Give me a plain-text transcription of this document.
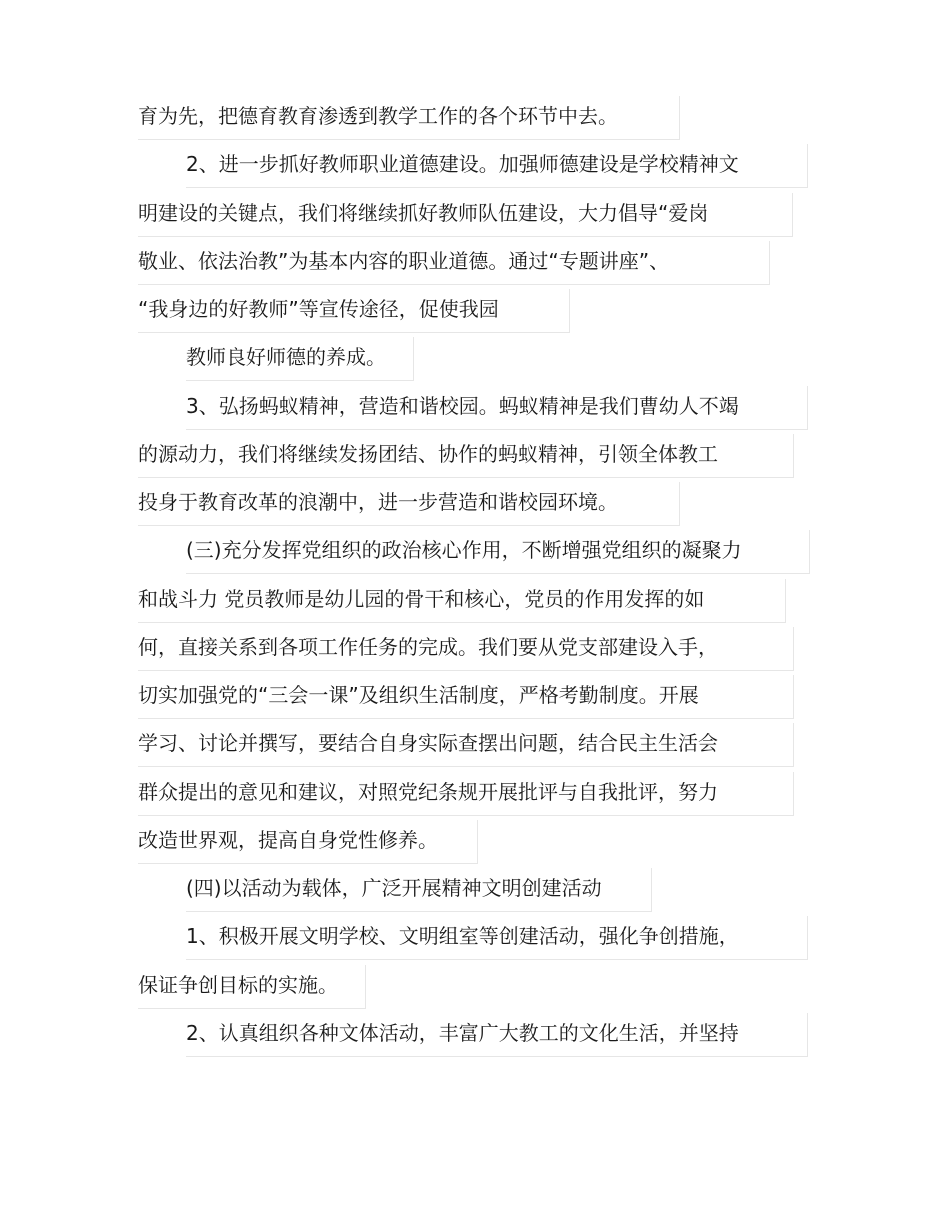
育为先，把德育教育渗透到教学工作的各个环节中去。
2、进一步抓好教师职业道德建设。加强师德建设是学校精神文
明建设的关键点，我们将继续抓好教师队伍建设，大力倡导“爱岗
敬业、依法治教”为基本内容的职业道德。通过“专题讲座”、
“我身边的好教师”等宣传途径，促使我园
教师良好师德的养成。
3、弘扬蚂蚁精神，营造和谐校园。蚂蚁精神是我们曹幼人不竭
的源动力，我们将继续发扬团结、协作的蚂蚁精神，引领全体教工
投身于教育改革的浪潮中，进一步营造和谐校园环境。
(三)充分发挥党组织的政治核心作用，不断增强党组织的凝聚力
和战斗力 党员教师是幼儿园的骨干和核心，党员的作用发挥的如
何，直接关系到各项工作任务的完成。我们要从党支部建设入手，
切实加强党的“三会一课”及组织生活制度，严格考勤制度。开展
学习、讨论并撰写，要结合自身实际查摆出问题，结合民主生活会
群众提出的意见和建议，对照党纪条规开展批评与自我批评，努力
改造世界观，提高自身党性修养。
(四)以活动为载体，广泛开展精神文明创建活动
1、积极开展文明学校、文明组室等创建活动，强化争创措施，
保证争创目标的实施。
2、认真组织各种文体活动，丰富广大教工的文化生活，并坚持
